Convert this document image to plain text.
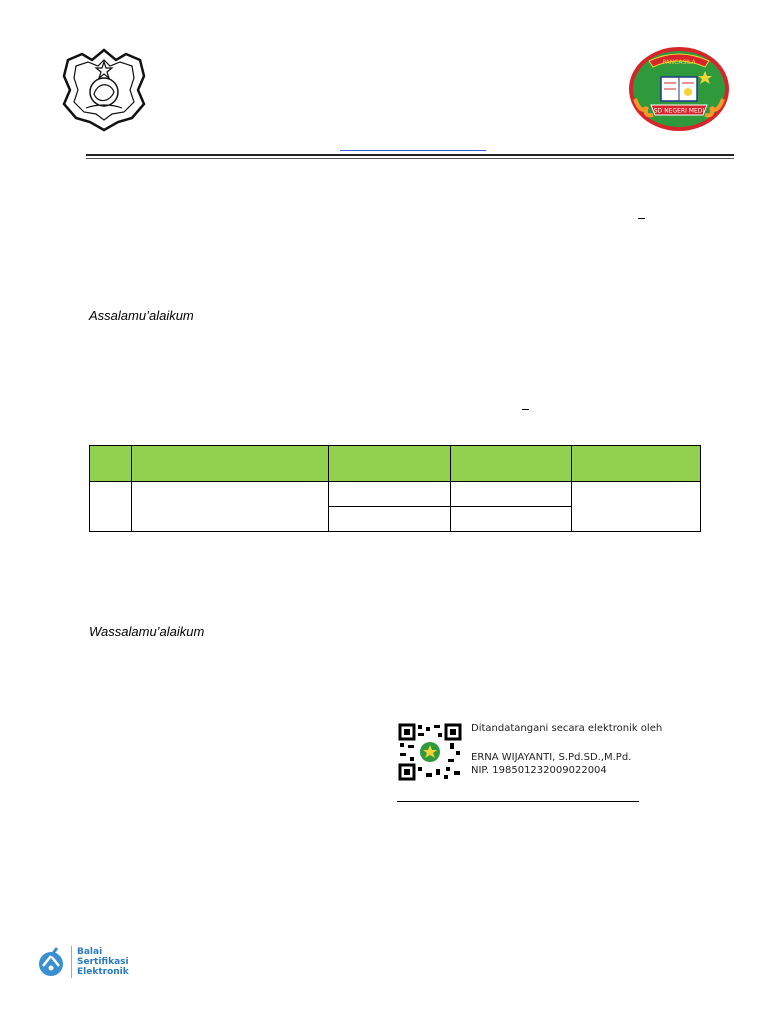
PANCASILA
SD NEGERI MEDI
Assalamu’alaikum

Wassalamu’alaikum
Ditandatangani secara elektronik oleh
ERNA WIJAYANTI, S.Pd.SD.,M.Pd.
NIP. 198501232009022004
Balai
Sertifikasi
Elektronik
